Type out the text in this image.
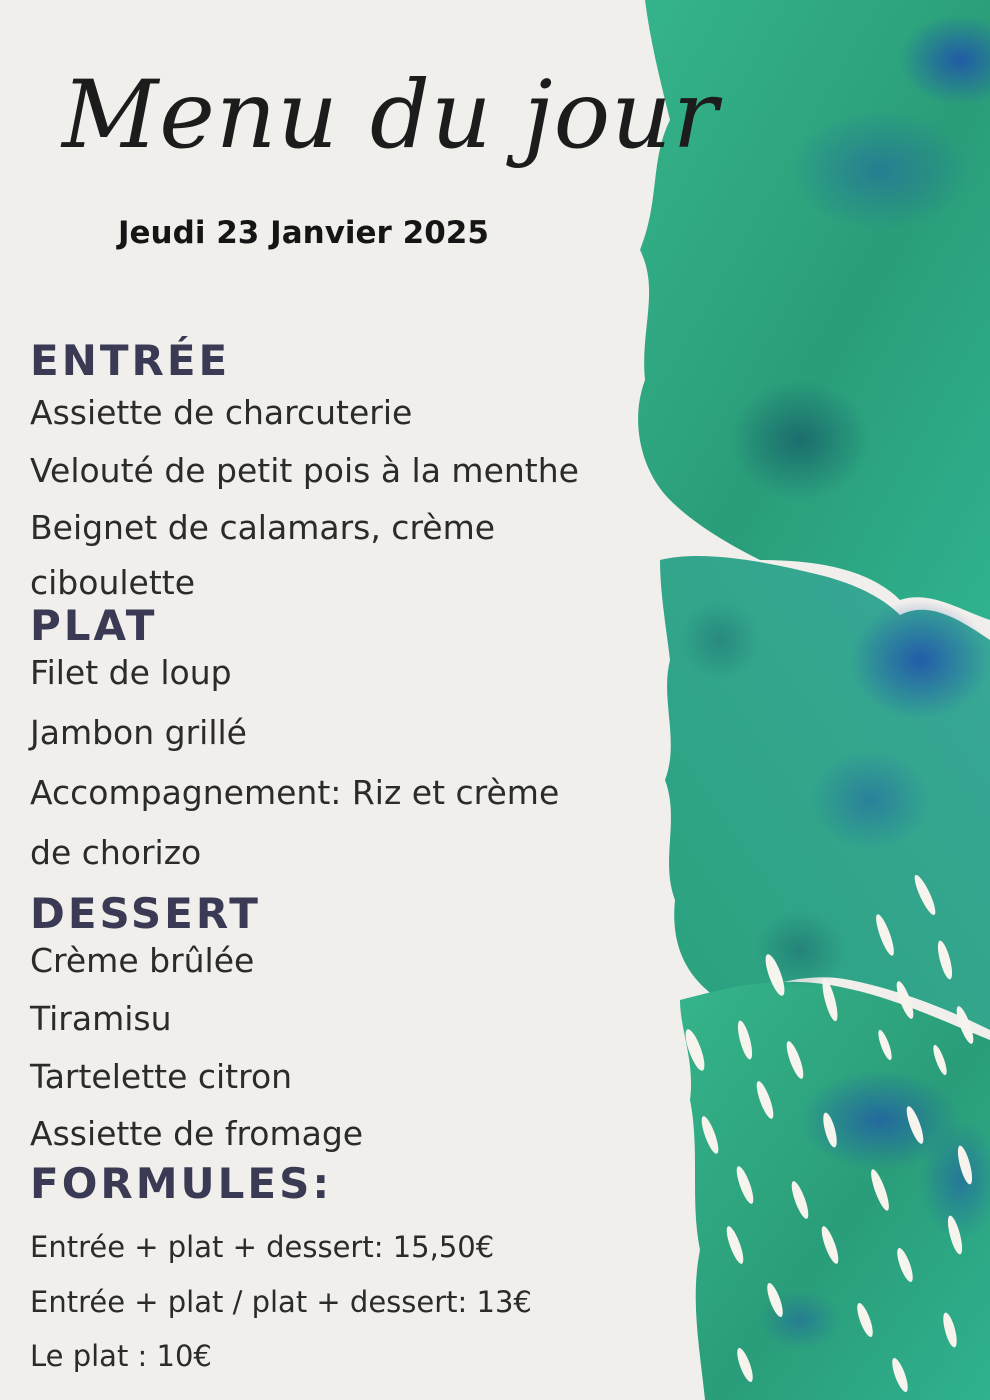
Menu du jour

Jeudi 23 Janvier 2025

ENTRÉE

Assiette de charcuterie

Velouté de petit pois à la menthe

Beignet de calamars, crème

ciboulette

PLAT

Filet de loup

Jambon grillé

Accompagnement: Riz et crème

de chorizo

DESSERT

Crème brûlée

Tiramisu

Tartelette citron

Assiette de fromage

FORMULES:

Entrée + plat + dessert: 15,50€

Entrée + plat / plat + dessert: 13€

Le plat : 10€
